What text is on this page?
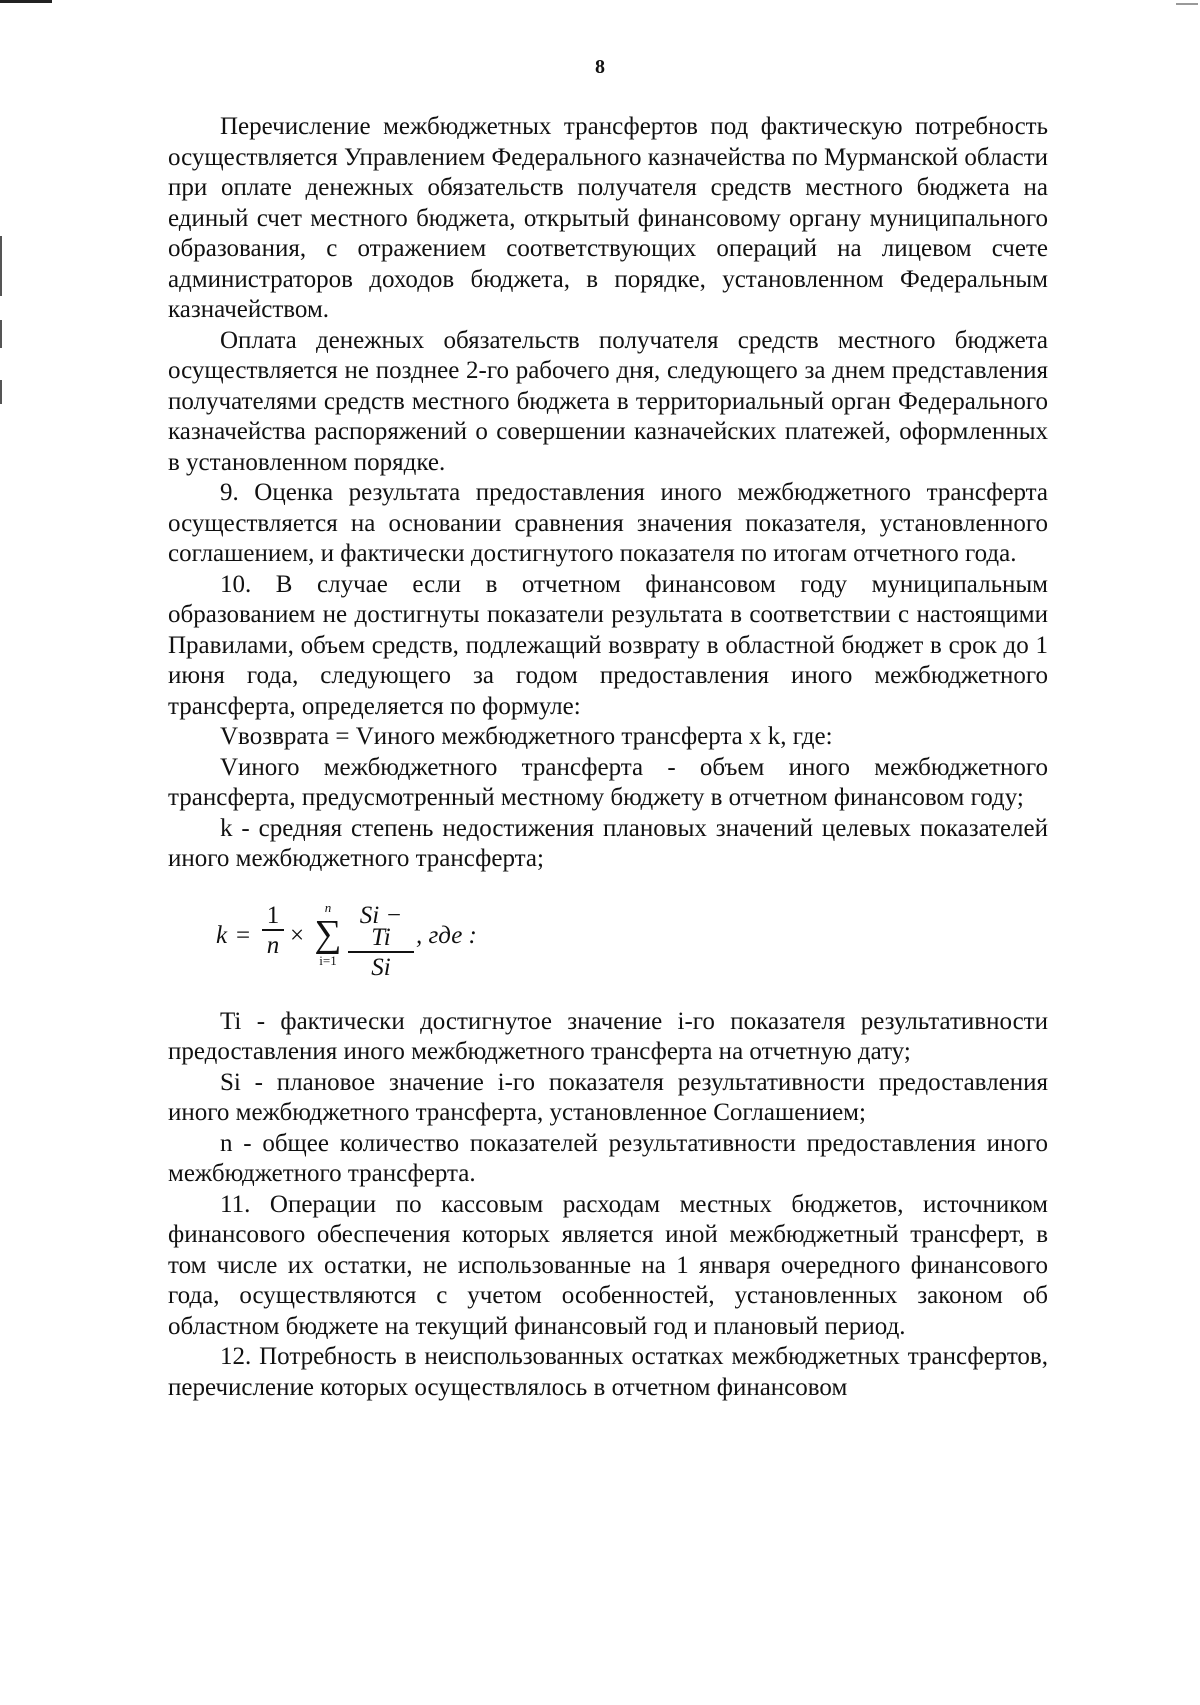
8

Перечисление межбюджетных трансфертов под фактическую потребность осуществляется Управлением Федерального казначейства по Мурманской области при оплате денежных обязательств получателя средств местного бюджета на единый счет местного бюджета, открытый финансовому органу муниципального образования, с отражением соответствующих операций на лицевом счете администраторов доходов бюджета, в порядке, установленном Федеральным казначейством.

Оплата денежных обязательств получателя средств местного бюджета осуществляется не позднее 2-го рабочего дня, следующего за днем представления получателями средств местного бюджета в территориальный орган Федерального казначейства распоряжений о совершении казначейских платежей, оформленных в установленном порядке.

9. Оценка результата предоставления иного межбюджетного трансферта осуществляется на основании сравнения значения показателя, установленного соглашением, и фактически достигнутого показателя по итогам отчетного года.

10. В случае если в отчетном финансовом году муниципальным образованием не достигнуты показатели результата в соответствии с настоящими Правилами, объем средств, подлежащий возврату в областной бюджет в срок до 1 июня года, следующего за годом предоставления иного межбюджетного трансферта, определяется по формуле:

Vвозврата = Vиного межбюджетного трансферта x k, где:

Vиного межбюджетного трансферта - объем иного межбюджетного трансферта, предусмотренный местному бюджету в отчетном финансовом году;

k - средняя степень недостижения плановых значений целевых показателей иного межбюджетного трансферта;

k =
1
n ×
n
∑
i=1
Si − Ti
Si
, где :

Ti - фактически достигнутое значение i-го показателя результативности предоставления иного межбюджетного трансферта на отчетную дату;

Si - плановое значение i-го показателя результативности предоставления иного межбюджетного трансферта, установленное Соглашением;

n - общее количество показателей результативности предоставления иного межбюджетного трансферта.

11. Операции по кассовым расходам местных бюджетов, источником финансового обеспечения которых является иной межбюджетный трансферт, в том числе их остатки, не использованные на 1 января очередного финансового года, осуществляются с учетом особенностей, установленных законом об областном бюджете на текущий финансовый год и плановый период.

12. Потребность в неиспользованных остатках межбюджетных трансфертов, перечисление которых осуществлялось в отчетном финансовом
